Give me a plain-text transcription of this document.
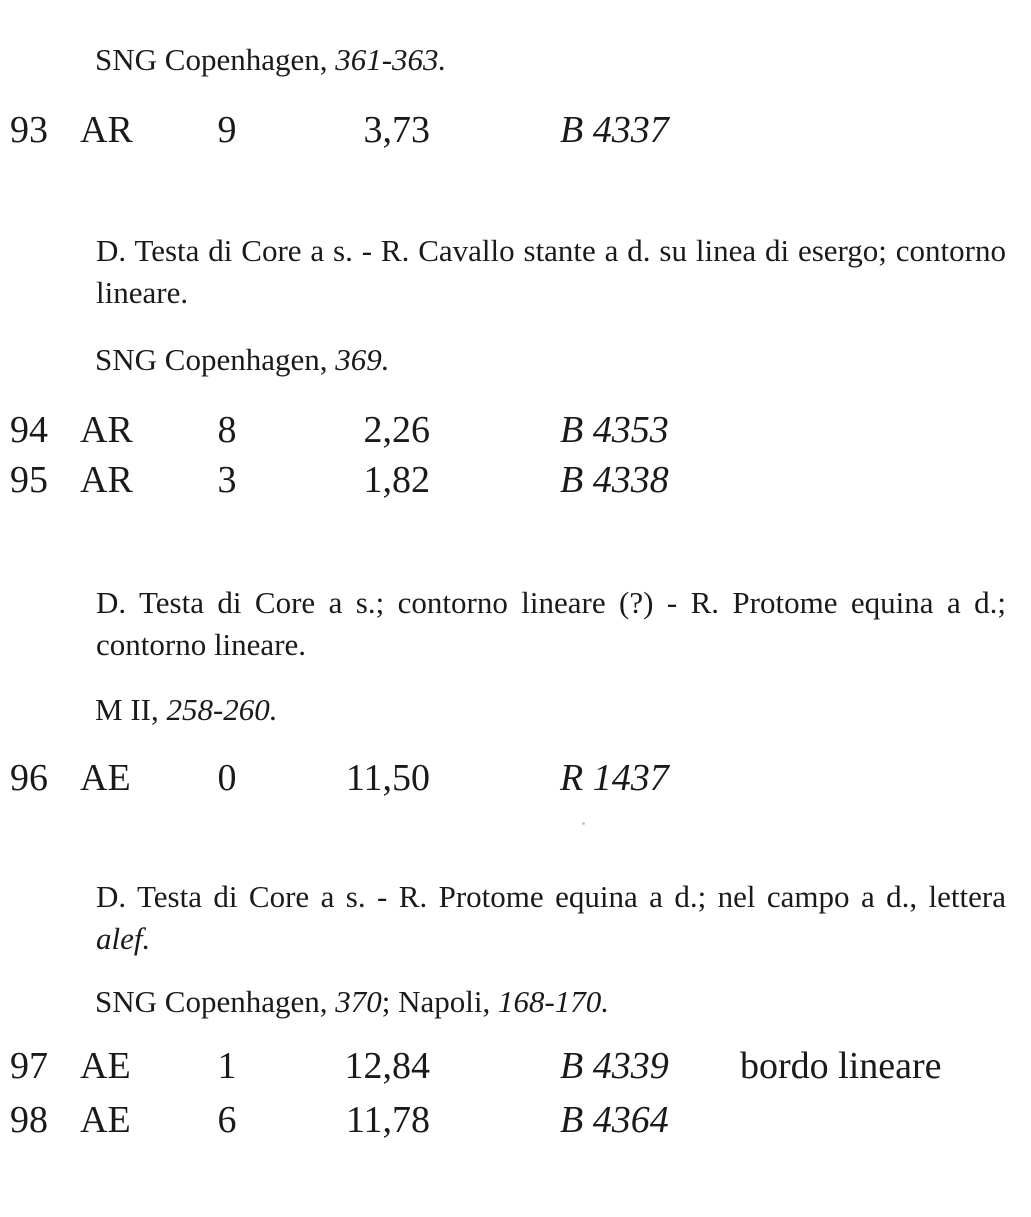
SNG Copenhagen, 361-363.
93 AR 9	3,73	B 4337
D. Testa di Core a s. - R. Cavallo stante a d. su linea di esergo; contorno lineare.
SNG Copenhagen, 369.
94 AR 8	2,26	B 4353
95 AR 3	1,82	B 4338
D. Testa di Core a s.; contorno lineare (?) - R. Protome equina a d.; contorno lineare.
M II, 258-260.
96 AE 0	11,50	R 1437
D. Testa di Core a s. - R. Protome equina a d.; nel campo a d., lettera alef.
SNG Copenhagen, 370; Napoli, 168-170.
97 AE 1	12,84	B 4339 bordo lineare
98 AE 6	11,78	B 4364
